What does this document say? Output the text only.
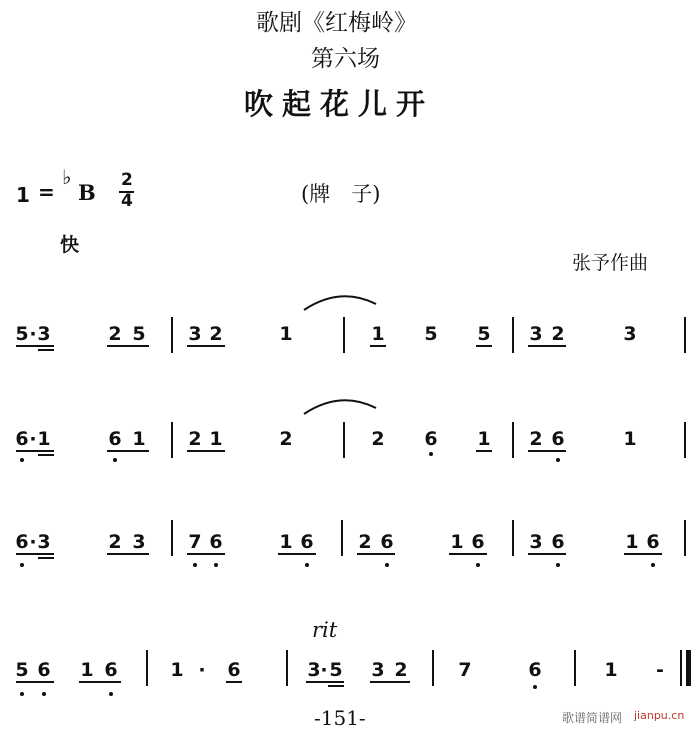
歌剧《红梅岭》
第六场
吹起花儿开
1 =
♭
B 2
4	(牌　子)
快
张予作曲
5 · 3	2 5 3 2	1	1 5 5 3 2	3
6 · 1	6 1 2 1	2	2 6 1 2 6	1
6 · 3	2 3 7 6	1 6 2 6	1 6 3 6	1 6
rit
5 6 1 6	1 · 6	3 · 5 3 2	7	6	1 -
-151-	歌谱简谱网 jianpu.cn
